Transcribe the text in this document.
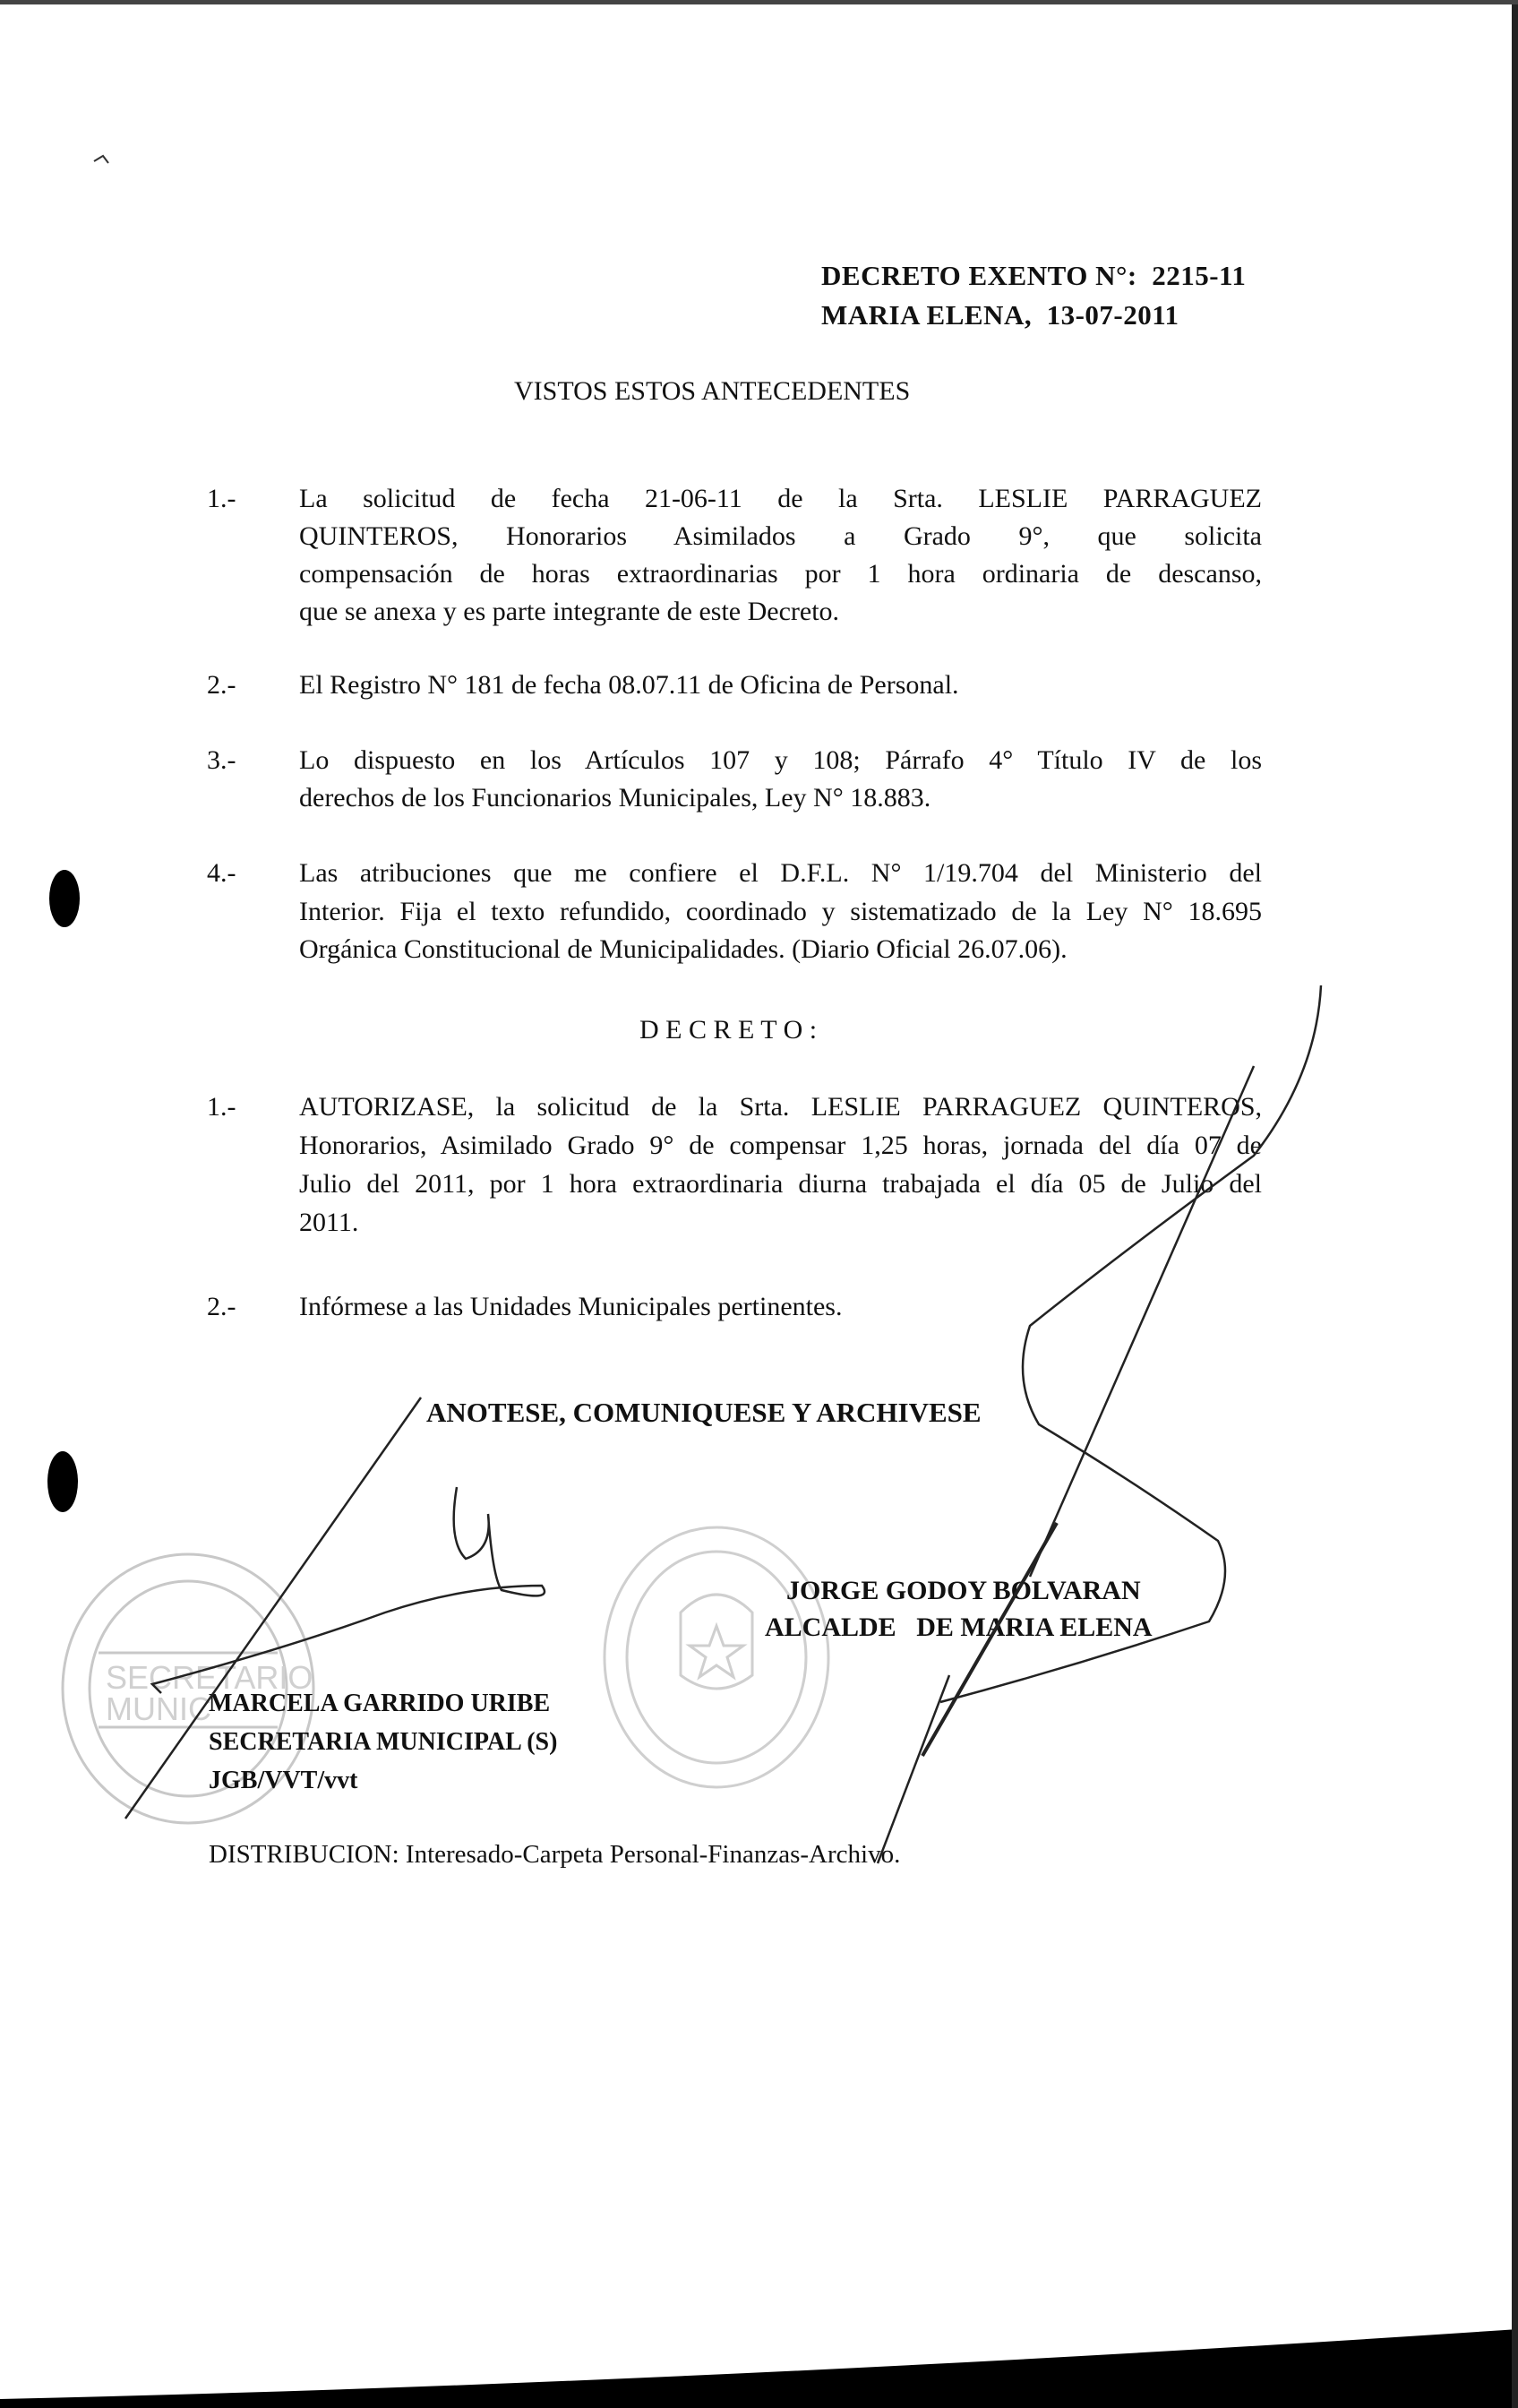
DECRETO EXENTO N°: 2215-11
MARIA ELENA, 13-07-2011
VISTOS ESTOS ANTECEDENTES
1.- La solicitud de fecha 21-06-11 de la Srta. LESLIE PARRAGUEZ
QUINTEROS, Honorarios Asimilados a Grado 9°, que solicita
compensación de horas extraordinarias por 1 hora ordinaria de descanso,
que se anexa y es parte integrante de este Decreto.
2.- El Registro N° 181 de fecha 08.07.11 de Oficina de Personal.
3.- Lo dispuesto en los Artículos 107 y 108; Párrafo 4° Título IV de los
derechos de los Funcionarios Municipales, Ley N° 18.883.
4.- Las atribuciones que me confiere el D.F.L. N° 1/19.704 del Ministerio del
Interior. Fija el texto refundido, coordinado y sistematizado de la Ley N° 18.695
Orgánica Constitucional de Municipalidades. (Diario Oficial 26.07.06).
D E C R E T O :
1.- AUTORIZASE, la solicitud de la Srta. LESLIE PARRAGUEZ QUINTEROS,
Honorarios, Asimilado Grado 9° de compensar 1,25 horas, jornada del día 07 de
Julio del 2011, por 1 hora extraordinaria diurna trabajada el día 05 de Julio del
2011.
2.- Infórmese a las Unidades Municipales pertinentes.
ANOTESE, COMUNIQUESE Y ARCHIVESE
SECRETARIO
MUNIC
JORGE GODOY BOLVARAN
ALCALDE   DE MARIA ELENA
MARCELA GARRIDO URIBE
SECRETARIA MUNICIPAL (S)
JGB/VVT/vvt
DISTRIBUCION: Interesado-Carpeta Personal-Finanzas-Archivo.
